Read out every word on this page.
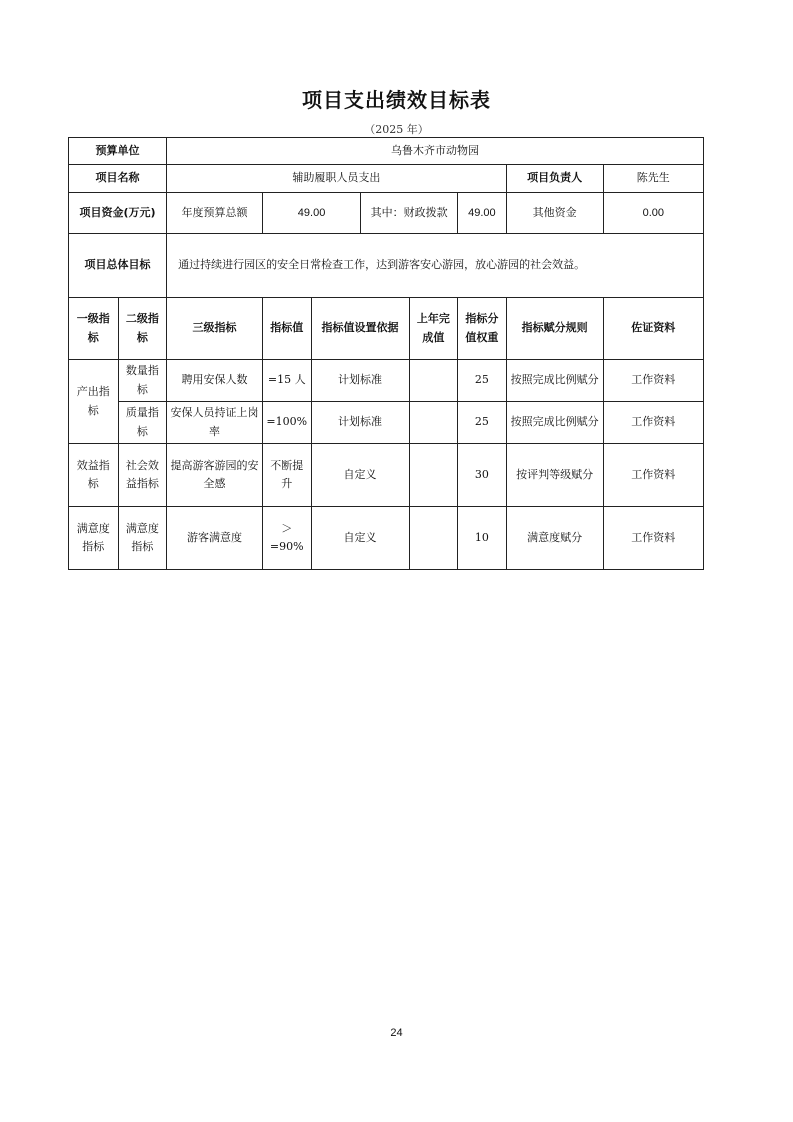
项目支出绩效目标表
（2025 年）
预算单位		乌鲁木齐市动物园							
项目名称		辅助履职人员支出						项目负责人	陈先生
项目资金(万元)		年度预算总额	49.00		其中：财政拨款		49.00	其他资金	0.00
项目总体目标		通过持续进行园区的安全日常检查工作，达到游客安心游园，放心游园的社会效益。							
一级指标	二级指标	三级指标	指标值	指标值设置依据		上年完成值	指标分值权重	指标赋分规则	佐证资料
产出指标	数量指标	聘用安保人数	=15 人	计划标准			25	按照完成比例赋分	工作资料
	质量指标	安保人员持证上岗率	=100%	计划标准			25	按照完成比例赋分	工作资料
效益指标	社会效益指标	提高游客游园的安全感	不断提升	自定义			30	按评判等级赋分	工作资料
满意度指标	满意度指标	游客满意度	＞=90%	自定义			10	满意度赋分	工作资料
24
